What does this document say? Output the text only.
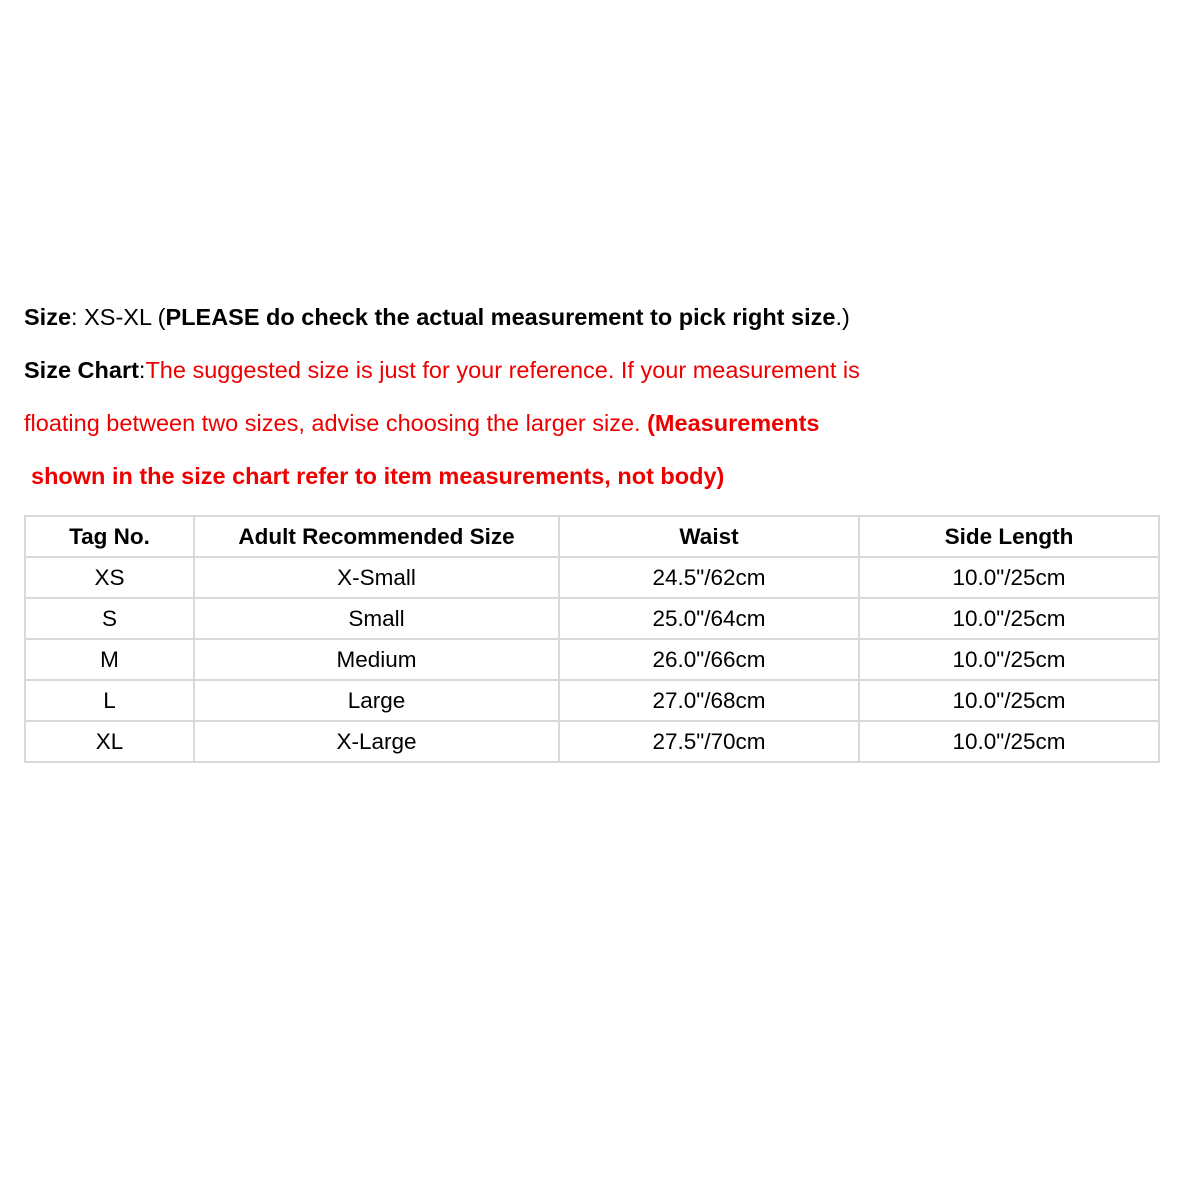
Size: XS-XL (PLEASE do check the actual measurement to pick right size.)
Size Chart:The suggested size is just for your reference. If your measurement is
floating between two sizes, advise choosing the larger size. (Measurements
shown in the size chart refer to item measurements, not body)
Tag No.	Adult Recommended Size	Waist	Side Length
XS	X-Small	24.5"/62cm	10.0"/25cm
S	Small	25.0"/64cm	10.0"/25cm
M	Medium	26.0"/66cm	10.0"/25cm
L	Large	27.0"/68cm	10.0"/25cm
XL	X-Large	27.5"/70cm	10.0"/25cm
